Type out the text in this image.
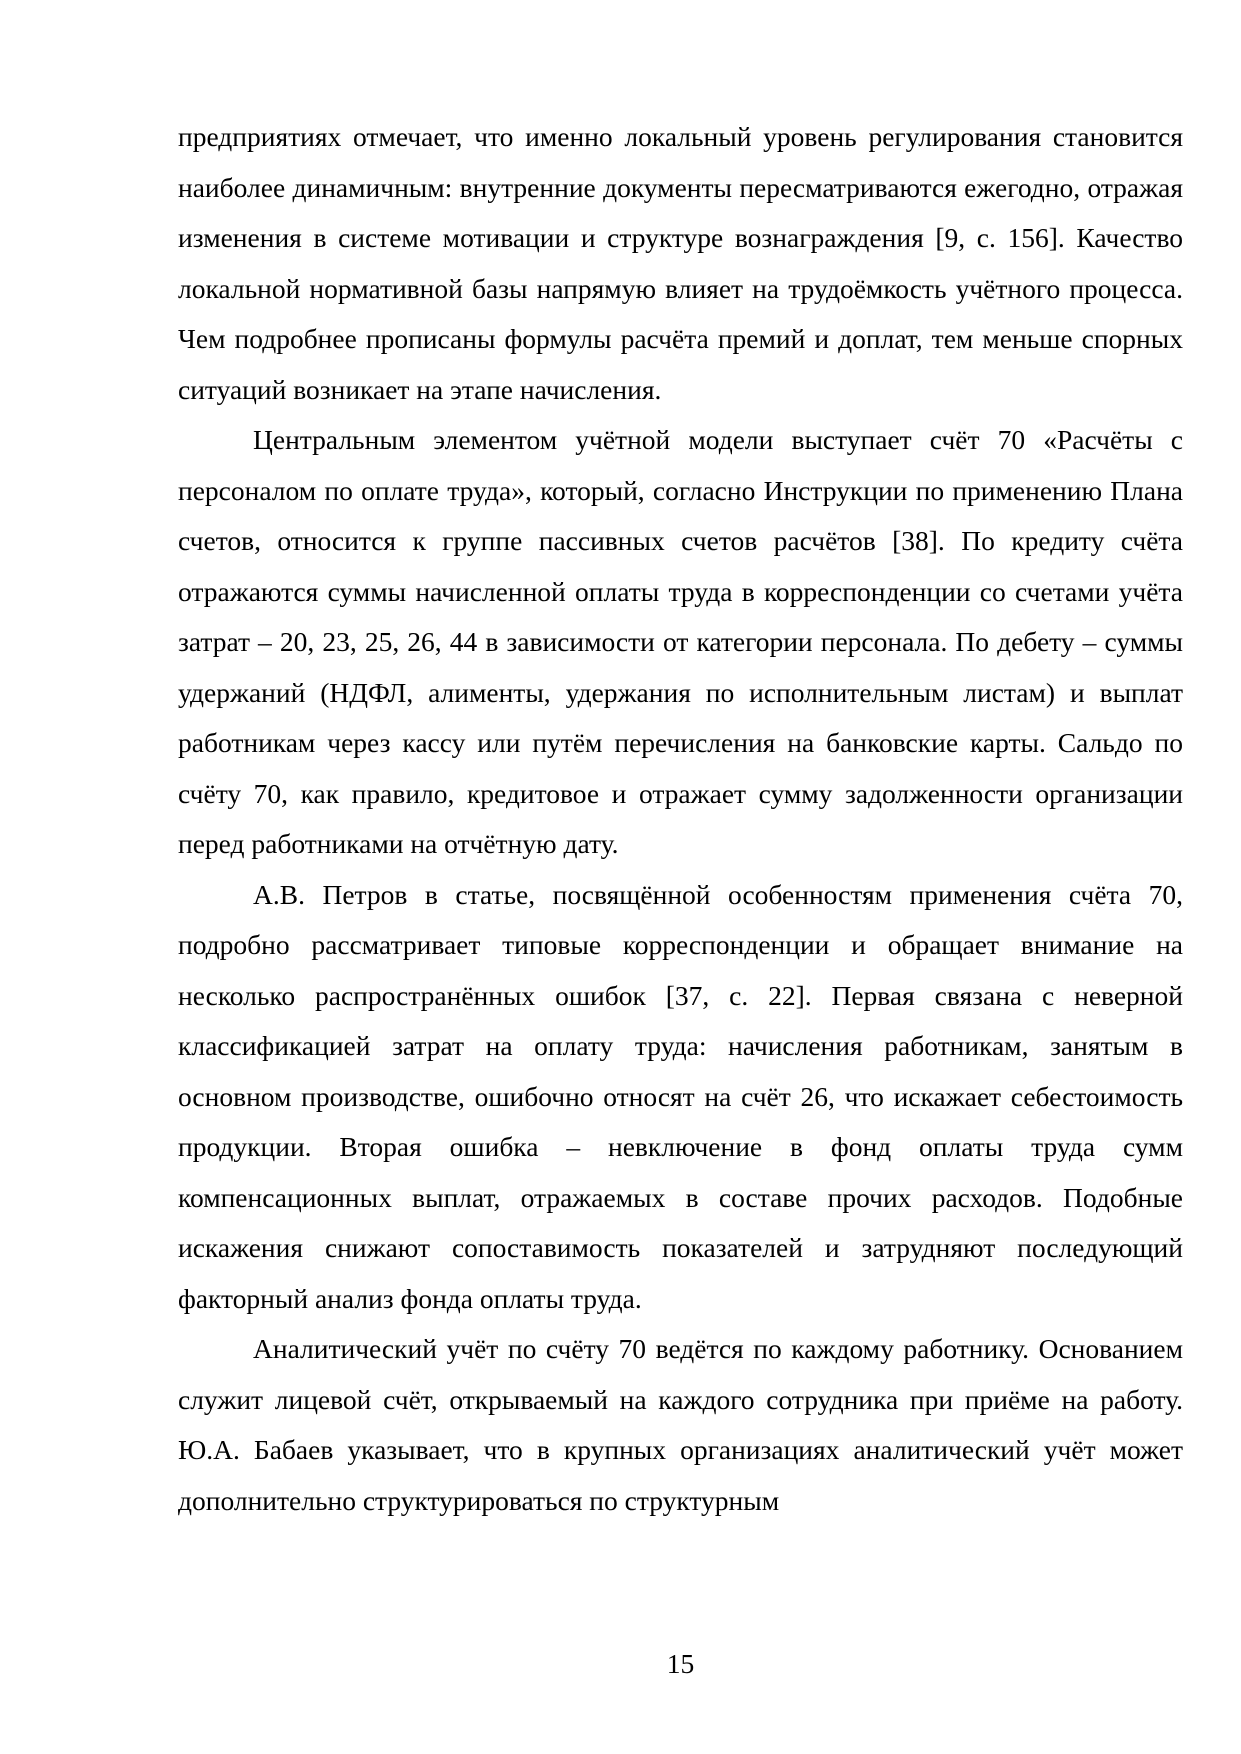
предприятиях отмечает, что именно локальный уровень регулирования становится наиболее динамичным: внутренние документы пересматриваются ежегодно, отражая изменения в системе мотивации и структуре вознаграждения [9, с. 156]. Качество локальной нормативной базы напрямую влияет на трудоёмкость учётного процесса. Чем подробнее прописаны формулы расчёта премий и доплат, тем меньше спорных ситуаций возникает на этапе начисления.

Центральным элементом учётной модели выступает счёт 70 «Расчёты с персоналом по оплате труда», который, согласно Инструкции по применению Плана счетов, относится к группе пассивных счетов расчётов [38]. По кредиту счёта отражаются суммы начисленной оплаты труда в корреспонденции со счетами учёта затрат – 20, 23, 25, 26, 44 в зависимости от категории персонала. По дебету – суммы удержаний (НДФЛ, алименты, удержания по исполнительным листам) и выплат работникам через кассу или путём перечисления на банковские карты. Сальдо по счёту 70, как правило, кредитовое и отражает сумму задолженности организации перед работниками на отчётную дату.

А.В. Петров в статье, посвящённой особенностям применения счёта 70, подробно рассматривает типовые корреспонденции и обращает внимание на несколько распространённых ошибок [37, с. 22]. Первая связана с неверной классификацией затрат на оплату труда: начисления работникам, занятым в основном производстве, ошибочно относят на счёт 26, что искажает себестоимость продукции. Вторая ошибка – невключение в фонд оплаты труда сумм компенсационных выплат, отражаемых в составе прочих расходов. Подобные искажения снижают сопоставимость показателей и затрудняют последующий факторный анализ фонда оплаты труда.

Аналитический учёт по счёту 70 ведётся по каждому работнику. Основанием служит лицевой счёт, открываемый на каждого сотрудника при приёме на работу. Ю.А. Бабаев указывает, что в крупных организациях аналитический учёт может дополнительно структурироваться по структурным

15
